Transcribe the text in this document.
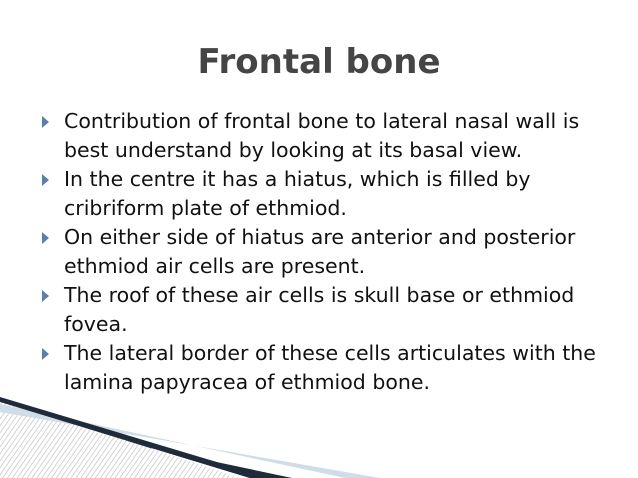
Frontal bone
Contribution of frontal bone to lateral nasal wall is best understand by looking at its basal view.
In the centre it has a hiatus, which is filled by cribriform plate of ethmiod.
On either side of hiatus are anterior and posterior ethmiod air cells are present.
The roof of these air cells is skull base or ethmiod fovea.
The lateral border of these cells articulates with the lamina papyracea of ethmiod bone.
